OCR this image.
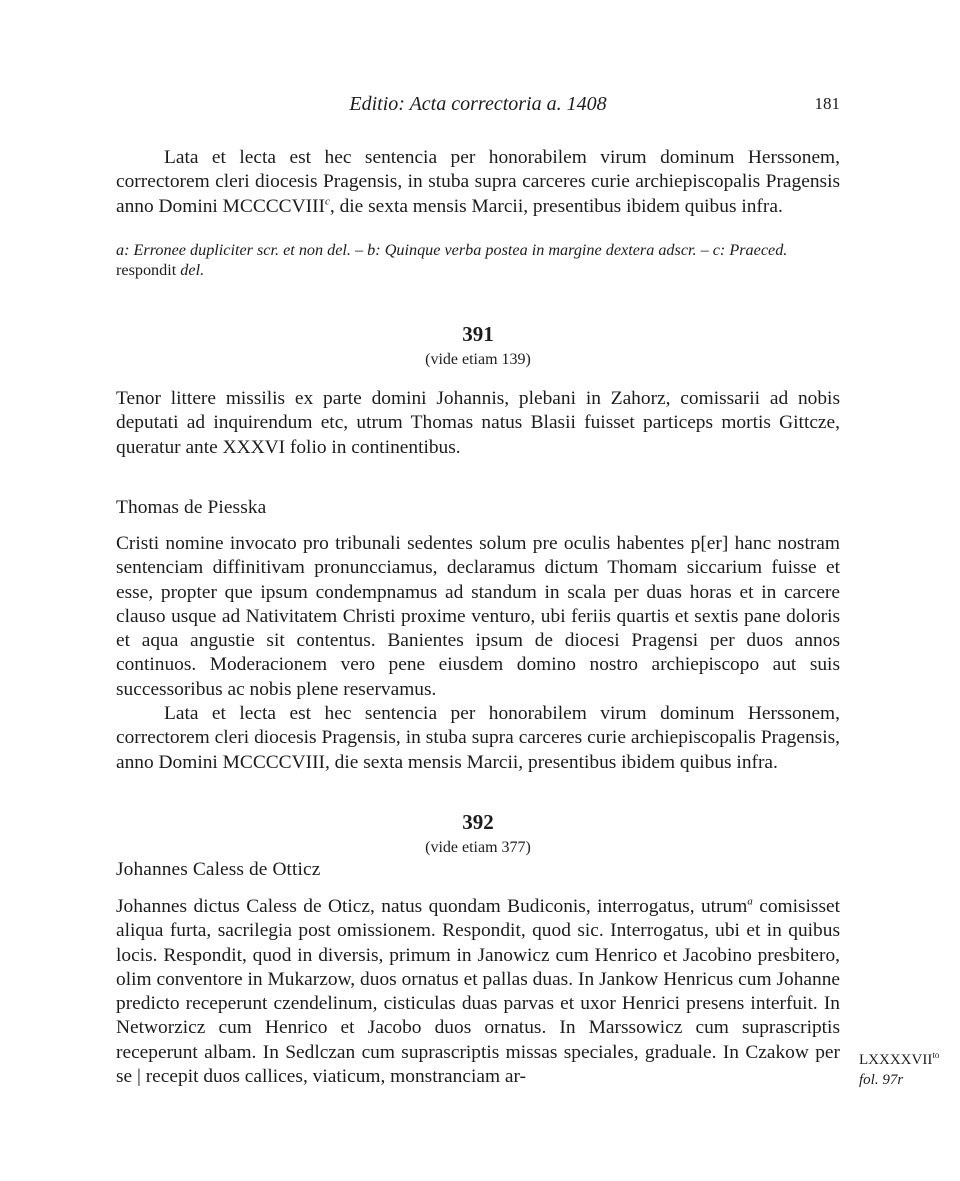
Editio: Acta correctoria a. 1408	181

Lata et lecta est hec sentencia per honorabilem virum dominum Herssonem, correctorem cleri diocesis Pragensis, in stuba supra carceres curie archiepiscopalis Pragensis anno Domini MCCCCVIII$^c$, die sexta mensis Marcii, presentibus ibidem quibus infra.

a: Erronee dupliciter scr. et non del. – b: Quinque verba postea in margine dextera adscr. – c: Praeced. respondit del.

391
(vide etiam 139)

Tenor littere missilis ex parte domini Johannis, plebani in Zahorz, comissarii ad nobis deputati ad inquirendum etc, utrum Thomas natus Blasii fuisset particeps mortis Gittcze, queratur ante XXXVI folio in continentibus.

Thomas de Piesska

Cristi nomine invocato pro tribunali sedentes solum pre oculis habentes p[er] hanc nostram sentenciam diffinitivam pronuncciamus, declaramus dictum Thomam siccarium fuisse et esse, propter que ipsum condempnamus ad standum in scala per duas horas et in carcere clauso usque ad Nativitatem Christi proxime venturo, ubi feriis quartis et sextis pane doloris et aqua angustie sit contentus. Banientes ipsum de diocesi Pragensi per duos annos continuos. Moderacionem vero pene eiusdem domino nostro archiepiscopo aut suis successoribus ac nobis plene reservamus.

Lata et lecta est hec sentencia per honorabilem virum dominum Herssonem, correctorem cleri diocesis Pragensis, in stuba supra carceres curie archiepiscopalis Pragensis, anno Domini MCCCCVIII, die sexta mensis Marcii, presentibus ibidem quibus infra.

392
(vide etiam 377)
Johannes Caless de Otticz

Johannes dictus Caless de Oticz, natus quondam Budiconis, interrogatus, utrum$^a$ comisisset aliqua furta, sacrilegia post omissionem. Respondit, quod sic. Interrogatus, ubi et in quibus locis. Respondit, quod in diversis, primum in Janowicz cum Henrico et Jacobino presbitero, olim conventore in Mukarzow, duos ornatus et pallas duas. In Jankow Henricus cum Johanne predicto receperunt czendelinum, cisticulas duas parvas et uxor Henrici presens interfuit. In Networzicz cum Henrico et Jacobo duos ornatus. In Marssowicz cum suprascriptis receperunt albam. In Sedlczan cum suprascriptis missas speciales, graduale. In Czakow per se | recepit duos callices, viaticum, monstranciam ar-

$LXXXXVII^{to}$
fol. 97r
